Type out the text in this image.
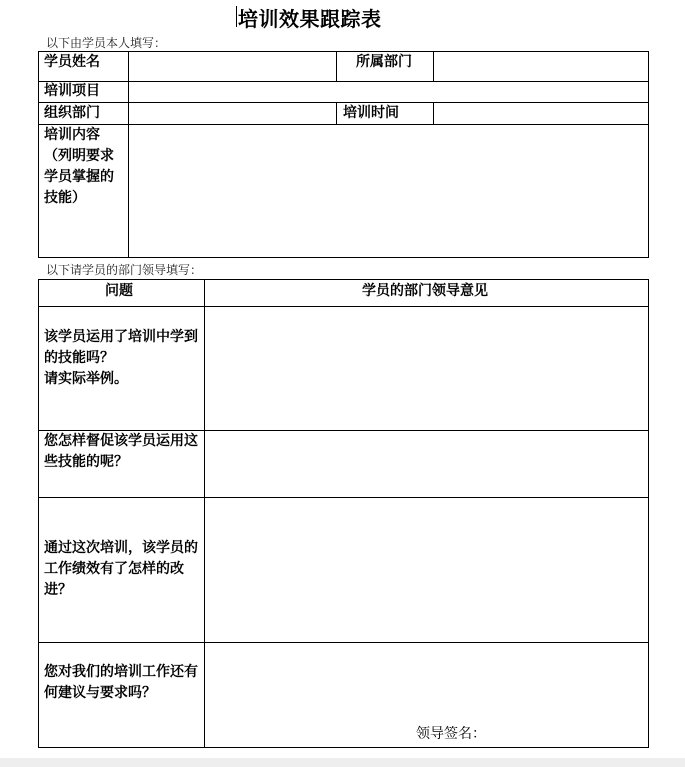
培训效果跟踪表
以下由学员本人填写：
学员姓名	所属部门
培训项目
组织部门	培训时间
培训内容
（列明要求
学员掌握的
技能）
以下请学员的部门领导填写：
问题	学员的部门领导意见
该学员运用了培训中学到
的技能吗？
请实际举例。
您怎样督促该学员运用这
些技能的呢？
通过这次培训，该学员的
工作绩效有了怎样的改
进？
您对我们的培训工作还有
何建议与要求吗？
领导签名：
